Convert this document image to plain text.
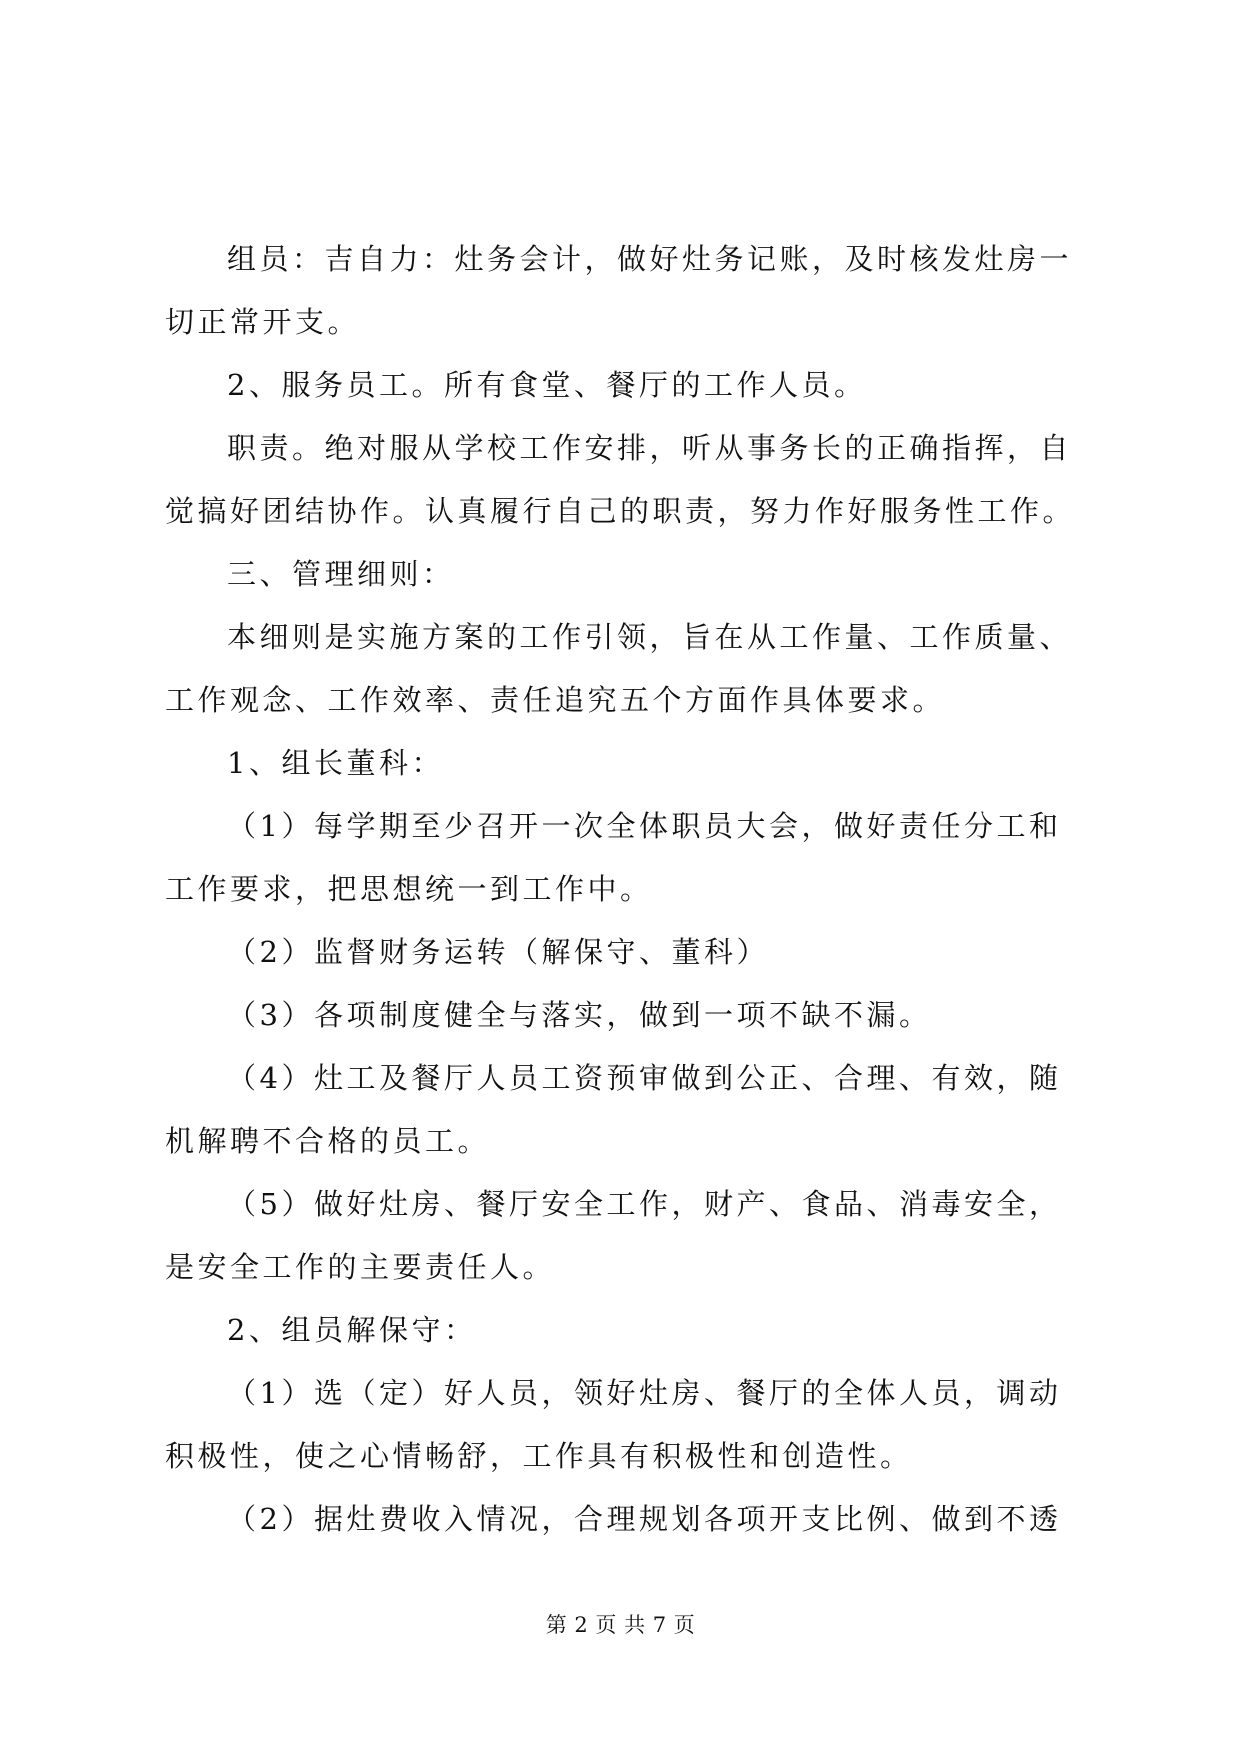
组员：吉自力：灶务会计，做好灶务记账，及时核发灶房一切正常开支。

2、服务员工。所有食堂、餐厅的工作人员。

职责。绝对服从学校工作安排，听从事务长的正确指挥，自觉搞好团结协作。认真履行自己的职责，努力作好服务性工作。

三、管理细则：

本细则是实施方案的工作引领，旨在从工作量、工作质量、工作观念、工作效率、责任追究五个方面作具体要求。

1、组长董科：

（1）每学期至少召开一次全体职员大会，做好责任分工和工作要求，把思想统一到工作中。

（2）监督财务运转（解保守、董科）

（3）各项制度健全与落实，做到一项不缺不漏。

（4）灶工及餐厅人员工资预审做到公正、合理、有效，随机解聘不合格的员工。

（5）做好灶房、餐厅安全工作，财产、食品、消毒安全，是安全工作的主要责任人。

2、组员解保守：

（1）选（定）好人员，领好灶房、餐厅的全体人员，调动积极性，使之心情畅舒，工作具有积极性和创造性。

（2）据灶费收入情况，合理规划各项开支比例、做到不透

第 2 页 共 7 页
